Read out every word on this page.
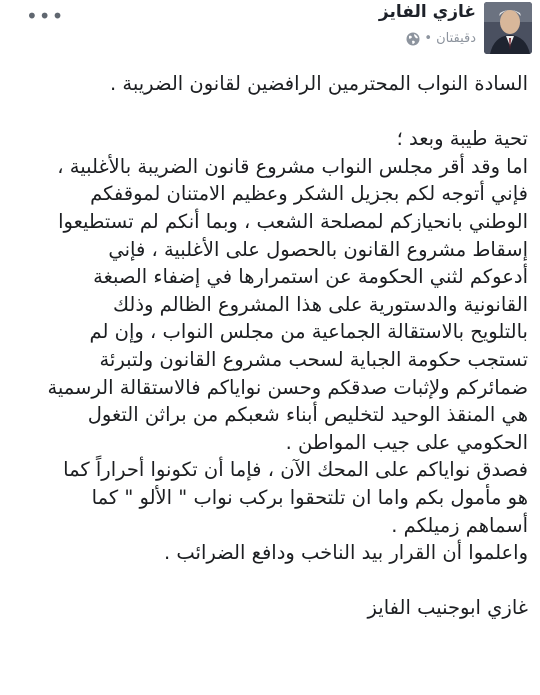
غازي الفايز
دقيقتان
•
•••

السادة النواب المحترمين الرافضين لقانون الضريبة .

تحية طيبة وبعد ؛

اما وقد أقر مجلس النواب مشروع قانون الضريبة بالأغلبية ،

فإني أتوجه لكم بجزيل الشكر وعظيم الامتنان لموقفكم

الوطني بانحيازكم لمصلحة الشعب ، وبما أنكم لم تستطيعوا

إسقاط مشروع القانون بالحصول على الأغلبية ، فإني

أدعوكم لثني الحكومة عن استمرارها في إضفاء الصبغة

القانونية والدستورية على هذا المشروع الظالم وذلك

بالتلويح بالاستقالة الجماعية من مجلس النواب ، وإن لم

تستجب حكومة الجباية لسحب مشروع القانون ولتبرئة

ضمائركم ولإثبات صدقكم وحسن نواياكم فالاستقالة الرسمية

هي المنقذ الوحيد لتخليص أبناء شعبكم من براثن التغول

الحكومي على جيب المواطن .

فصدق نواياكم على المحك الآن ، فإما أن تكونوا أحراراً كما

هو مأمول بكم واما ان تلتحقوا بركب نواب " الألو " كما

أسماهم زميلكم .

واعلموا أن القرار بيد الناخب ودافع الضرائب .

غازي ابوجنيب الفايز
